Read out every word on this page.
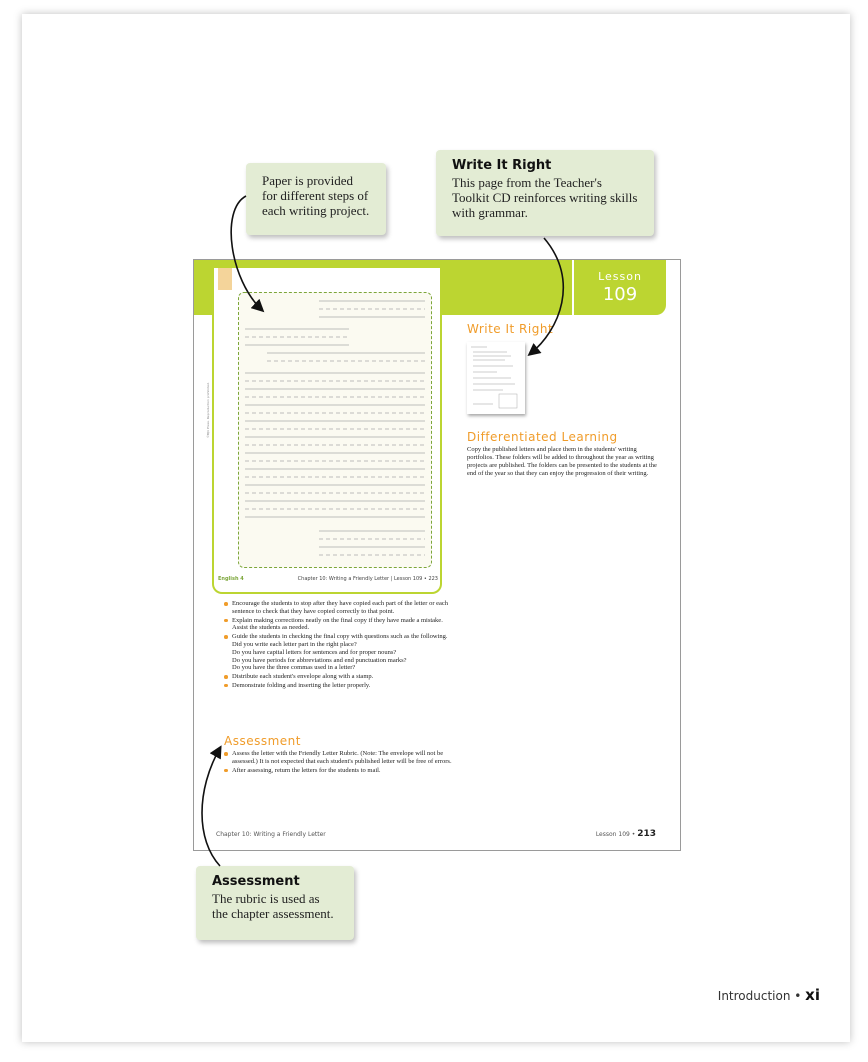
Paper is provided for different steps of each writing project.

Write It Right

This page from the Teacher's Toolkit CD reinforces writing skills with grammar.

Lesson
109
©BJU Press. Reproduction prohibited.
English 4	Chapter 10: Writing a Friendly Letter | Lesson 109 • 223
Write It Right
Differentiated Learning
Copy the published letters and place them in the students' writing portfolios. These folders will be added to throughout the year as writing projects are published. The folders can be presented to the students at the end of the year so that they can enjoy the progression of their writing.
Encourage the students to stop after they have copied each part of the letter or each sentence to check that they have copied correctly to that point.
Explain making corrections neatly on the final copy if they have made a mistake. Assist the students as needed.
Guide the students in checking the final copy with questions such as the following.
Did you write each letter part in the right place?
Do you have capital letters for sentences and for proper nouns?
Do you have periods for abbreviations and end punctuation marks?
Do you have the three commas used in a letter?
Distribute each student's envelope along with a stamp.
Demonstrate folding and inserting the letter properly.
Assessment
Assess the letter with the Friendly Letter Rubric. (Note: The envelope will not be assessed.) It is not expected that each student's published letter will be free of errors.
After assessing, return the letters for the students to mail.
Chapter 10: Writing a Friendly Letter	Lesson 109 • 213
Assessment

The rubric is used as the chapter assessment.

Introduction • xi
